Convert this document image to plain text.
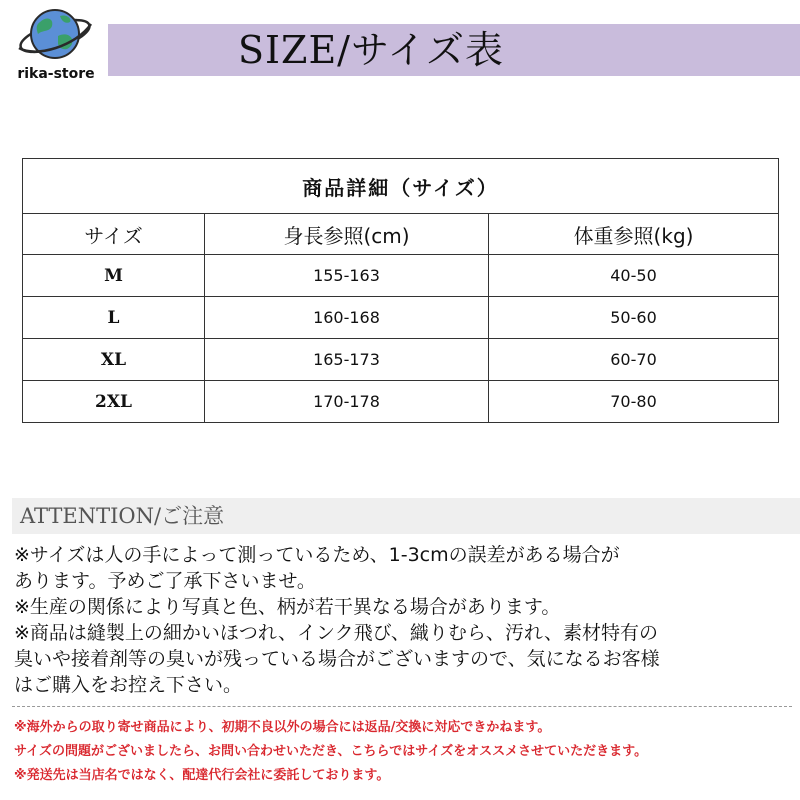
rika-store
SIZE/サイズ表
商品詳細（サイズ）		
サイズ	身長参照(cm)	体重参照(kg)
M	155-163	40-50
L	160-168	50-60
XL	165-173	60-70
2XL	170-178	70-80
ATTENTION/ご注意
※サイズは人の手によって測っているため、1-3cmの誤差がある場合が
あります。予めご了承下さいませ。
※生産の関係により写真と色、柄が若干異なる場合があります。
※商品は縫製上の細かいほつれ、インク飛び、織りむら、汚れ、素材特有の
臭いや接着剤等の臭いが残っている場合がございますので、気になるお客様
はご購入をお控え下さい。
※海外からの取り寄せ商品により、初期不良以外の場合には返品/交換に対応できかねます。
サイズの問題がございましたら、お問い合わせいただき、こちらではサイズをオススメさせていただきます。
※発送先は当店名ではなく、配達代行会社に委託しております。
